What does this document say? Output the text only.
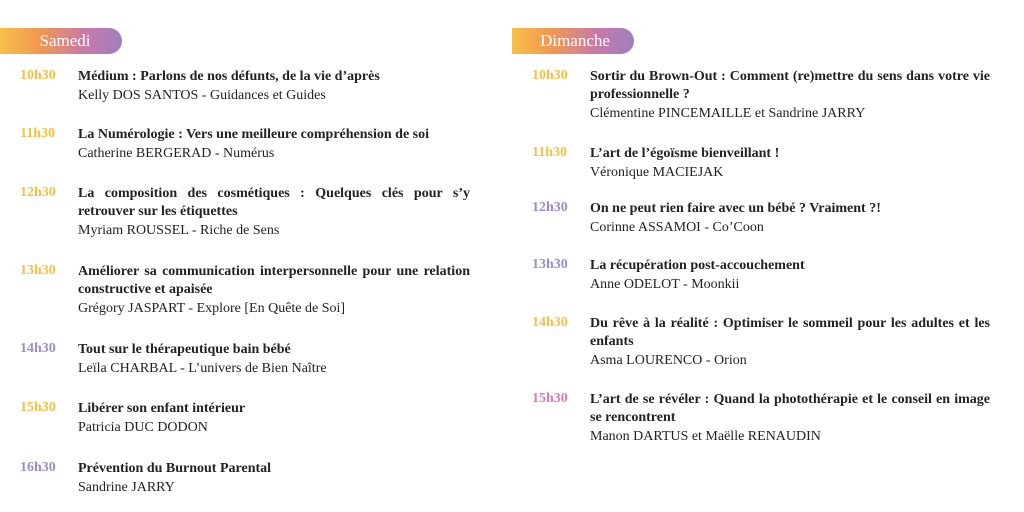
Samedi
10h30 Médium : Parlons de nos défunts, de la vie d’après
Kelly DOS SANTOS - Guidances et Guides
11h30 La Numérologie : Vers une meilleure compréhension de soi
Catherine BERGERAD - Numérus
12h30 La composition des cosmétiques : Quelques clés pour s’y retrouver sur les étiquettes
Myriam ROUSSEL - Riche de Sens
13h30 Améliorer sa communication interpersonnelle pour une relation constructive et apaisée
Grégory JASPART - Explore [En Quête de Soi]
14h30 Tout sur le thérapeutique bain bébé
Leïla CHARBAL - L’univers de Bien Naître
15h30 Libérer son enfant intérieur
Patricia DUC DODON
16h30 Prévention du Burnout Parental
Sandrine JARRY
Dimanche
10h30 Sortir du Brown-Out : Comment (re)mettre du sens dans votre vie professionnelle ?
Clémentine PINCEMAILLE et Sandrine JARRY
11h30 L’art de l’égoïsme bienveillant !
Véronique MACIEJAK
12h30 On ne peut rien faire avec un bébé ? Vraiment ?!
Corinne ASSAMOI - Co’Coon
13h30 La récupération post-accouchement
Anne ODELOT - Moonkii
14h30 Du rêve à la réalité : Optimiser le sommeil pour les adultes et les enfants
Asma LOURENCO - Orion
15h30 L’art de se révéler : Quand la photothérapie et le conseil en image se rencontrent
Manon DARTUS et Maëlle RENAUDIN
